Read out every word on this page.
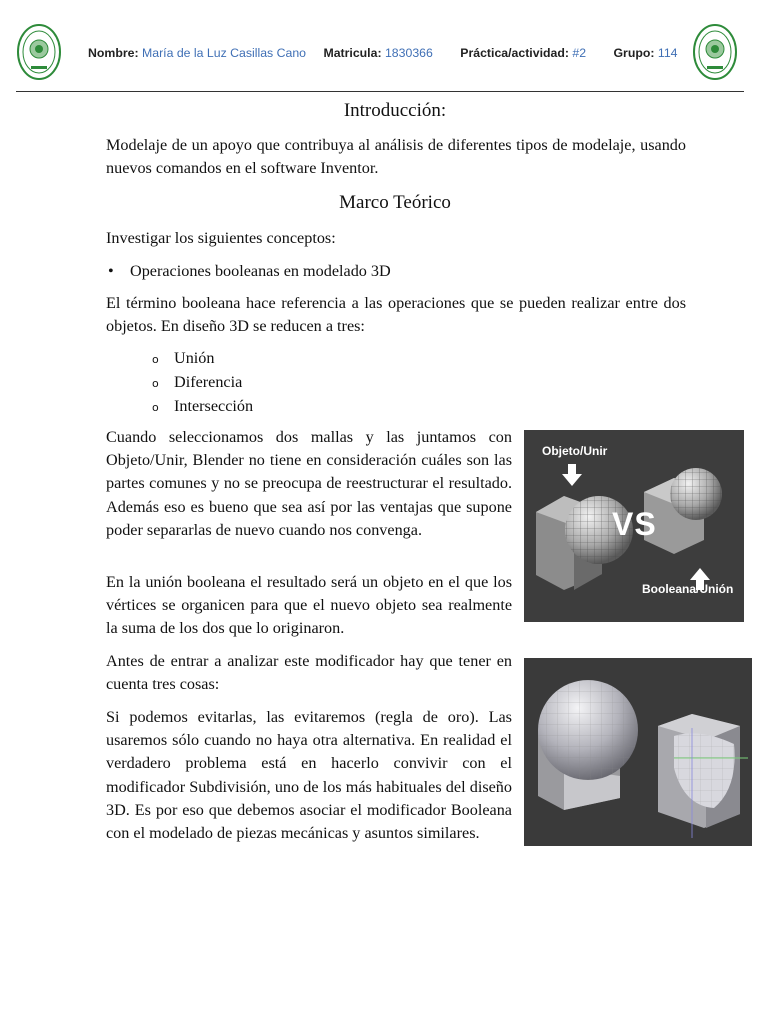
Nombre: María de la Luz Casillas Cano Matricula: 1830366 Práctica/actividad: #2 Grupo: 114
Introducción:

Modelaje de un apoyo que contribuya al análisis de diferentes tipos de modelaje, usando nuevos comandos en el software Inventor.

Marco Teórico

Investigar los siguientes conceptos:

• Operaciones booleanas en modelado 3D

El término booleana hace referencia a las operaciones que se pueden realizar entre dos objetos. En diseño 3D se reducen a tres:

o Unión
o Diferencia
o Intersección

Cuando seleccionamos dos mallas y las juntamos con Objeto/Unir, Blender no tiene en consideración cuáles son las partes comunes y no se preocupa de reestructurar el resultado. Además eso es bueno que sea así por las ventajas que supone poder separarlas de nuevo cuando nos convenga.

En la unión booleana el resultado será un objeto en el que los vértices se organicen para que el nuevo objeto sea realmente la suma de los dos que lo originaron.

Antes de entrar a analizar este modificador hay que tener en cuenta tres cosas:

Si podemos evitarlas, las evitaremos (regla de oro). Las usaremos sólo cuando no haya otra alternativa. En realidad el verdadero problema está en hacerlo convivir con el modificador Subdivisión, uno de los más habituales del diseño 3D. Es por eso que debemos asociar el modificador Booleana con el modelado de piezas mecánicas y asuntos similares.

Objeto/Unir
VS
Booleana/Unión
